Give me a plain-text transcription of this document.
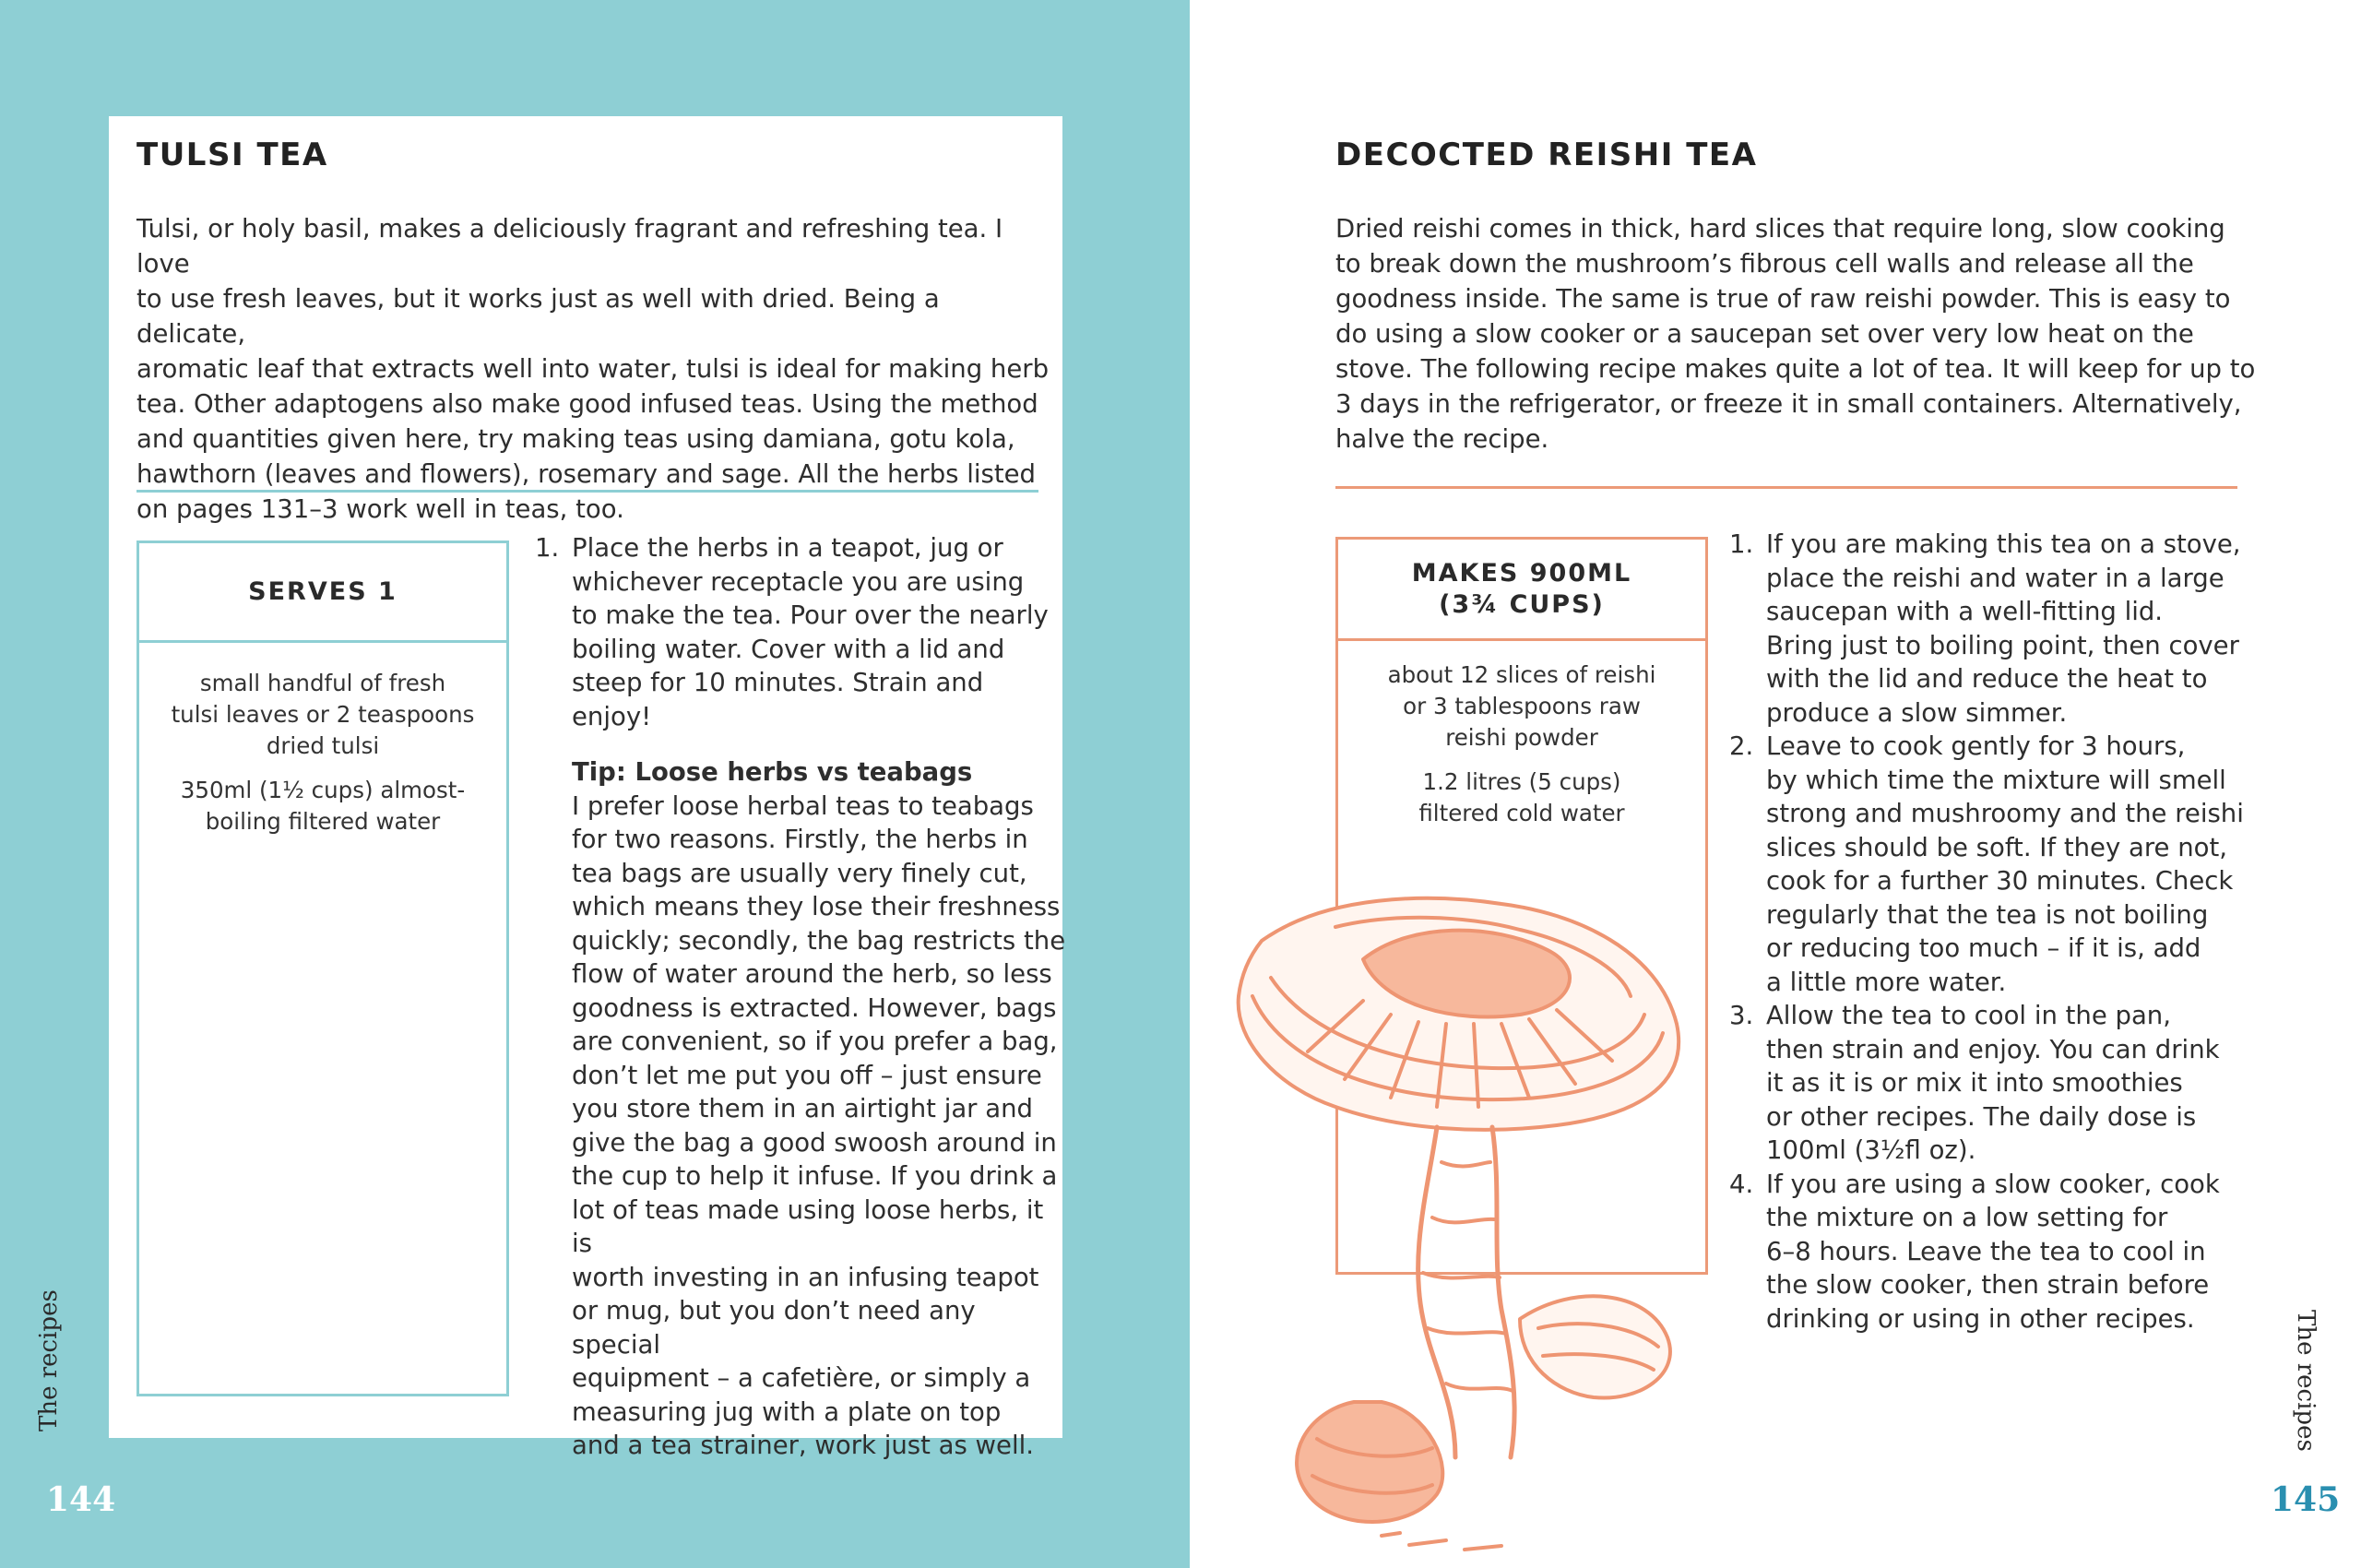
TULSI TEA
Tulsi, or holy basil, makes a deliciously fragrant and refreshing tea. I love
to use fresh leaves, but it works just as well with dried. Being a delicate,
aromatic leaf that extracts well into water, tulsi is ideal for making herb
tea. Other adaptogens also make good infused teas. Using the method
and quantities given here, try making teas using damiana, gotu kola,
hawthorn (leaves and flowers), rosemary and sage. All the herbs listed
on pages 131–3 work well in teas, too.
SERVES 1

small handful of fresh
tulsi leaves or 2 teaspoons
dried tulsi

350ml (1½ cups) almost-
boiling filtered water

1. Place the herbs in a teapot, jug or
whichever receptacle you are using
to make the tea. Pour over the nearly
boiling water. Cover with a lid and
steep for 10 minutes. Strain and enjoy!
Tip: Loose herbs vs teabags
I prefer loose herbal teas to teabags
for two reasons. Firstly, the herbs in
tea bags are usually very finely cut,
which means they lose their freshness
quickly; secondly, the bag restricts the
flow of water around the herb, so less
goodness is extracted. However, bags
are convenient, so if you prefer a bag,
don’t let me put you off – just ensure
you store them in an airtight jar and
give the bag a good swoosh around in
the cup to help it infuse. If you drink a
lot of teas made using loose herbs, it is
worth investing in an infusing teapot
or mug, but you don’t need any special
equipment – a cafetière, or simply a
measuring jug with a plate on top
and a tea strainer, work just as well.
The recipes
144
DECOCTED REISHI TEA
Dried reishi comes in thick, hard slices that require long, slow cooking
to break down the mushroom’s fibrous cell walls and release all the
goodness inside. The same is true of raw reishi powder. This is easy to
do using a slow cooker or a saucepan set over very low heat on the
stove. The following recipe makes quite a lot of tea. It will keep for up to
3 days in the refrigerator, or freeze it in small containers. Alternatively,
halve the recipe.
MAKES 900ML
(3¾ CUPS)

about 12 slices of reishi
or 3 tablespoons raw
reishi powder

1.2 litres (5 cups)
filtered cold water

1. If you are making this tea on a stove,
place the reishi and water in a large
saucepan with a well-fitting lid.
Bring just to boiling point, then cover
with the lid and reduce the heat to
produce a slow simmer.
2. Leave to cook gently for 3 hours,
by which time the mixture will smell
strong and mushroomy and the reishi
slices should be soft. If they are not,
cook for a further 30 minutes. Check
regularly that the tea is not boiling
or reducing too much – if it is, add
a little more water.
3. Allow the tea to cool in the pan,
then strain and enjoy. You can drink
it as it is or mix it into smoothies
or other recipes. The daily dose is
100ml (3½fl oz).
4. If you are using a slow cooker, cook
the mixture on a low setting for
6–8 hours. Leave the tea to cool in
the slow cooker, then strain before
drinking or using in other recipes.	The recipes
145
